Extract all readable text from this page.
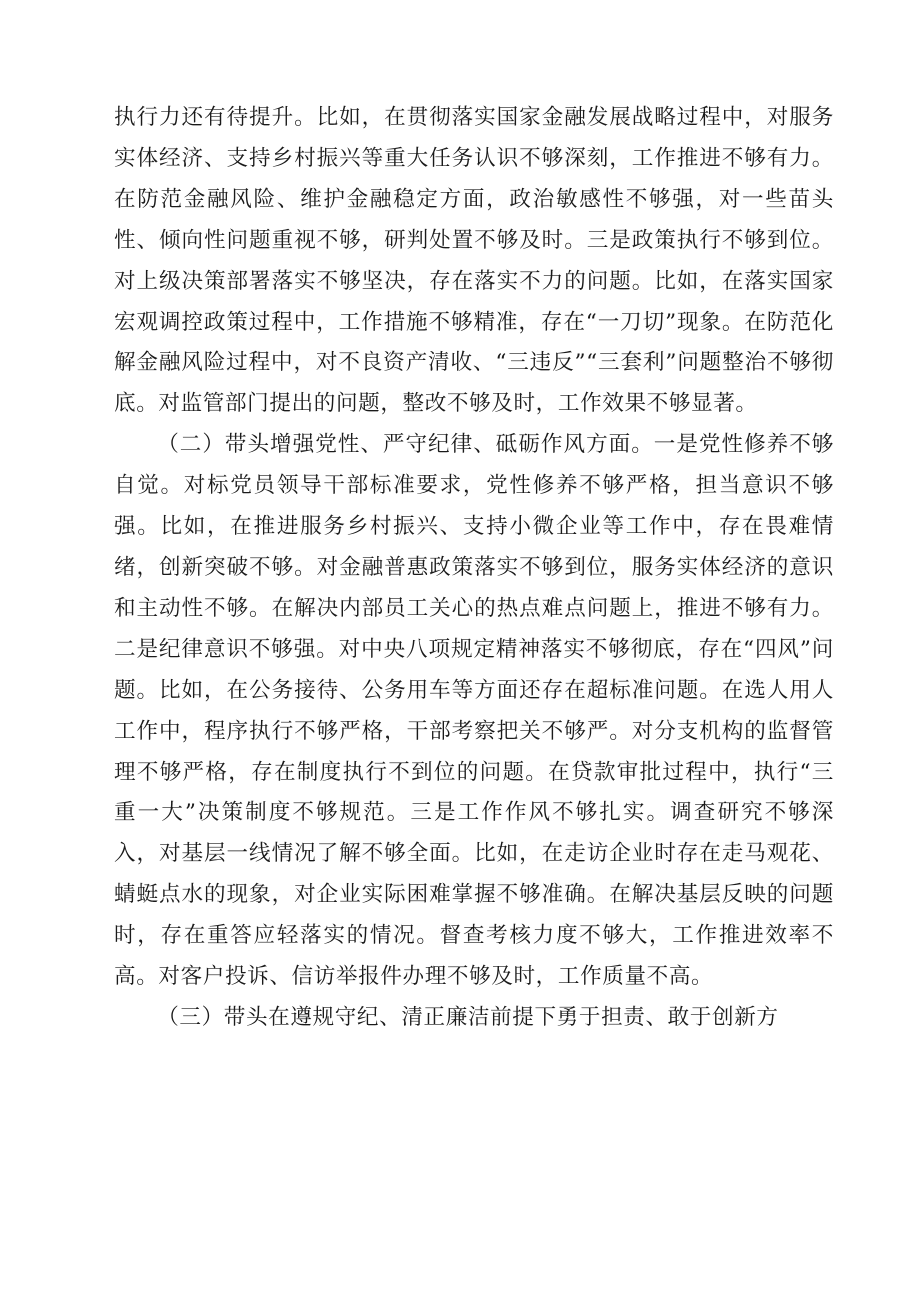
执行力还有待提升。比如，在贯彻落实国家金融发展战略过程中，对服务实体经济、支持乡村振兴等重大任务认识不够深刻，工作推进不够有力。在防范金融风险、维护金融稳定方面，政治敏感性不够强，对一些苗头性、倾向性问题重视不够，研判处置不够及时。三是政策执行不够到位。对上级决策部署落实不够坚决，存在落实不力的问题。比如，在落实国家宏观调控政策过程中，工作措施不够精准，存在“一刀切”现象。在防范化解金融风险过程中，对不良资产清收、“三违反”“三套利”问题整治不够彻底。对监管部门提出的问题，整改不够及时，工作效果不够显著。

（二）带头增强党性、严守纪律、砥砺作风方面。一是党性修养不够自觉。对标党员领导干部标准要求，党性修养不够严格，担当意识不够强。比如，在推进服务乡村振兴、支持小微企业等工作中，存在畏难情绪，创新突破不够。对金融普惠政策落实不够到位，服务实体经济的意识和主动性不够。在解决内部员工关心的热点难点问题上，推进不够有力。二是纪律意识不够强。对中央八项规定精神落实不够彻底，存在“四风”问题。比如，在公务接待、公务用车等方面还存在超标准问题。在选人用人工作中，程序执行不够严格，干部考察把关不够严。对分支机构的监督管理不够严格，存在制度执行不到位的问题。在贷款审批过程中，执行“三重一大”决策制度不够规范。三是工作作风不够扎实。调查研究不够深入，对基层一线情况了解不够全面。比如，在走访企业时存在走马观花、蜻蜓点水的现象，对企业实际困难掌握不够准确。在解决基层反映的问题时，存在重答应轻落实的情况。督查考核力度不够大，工作推进效率不高。对客户投诉、信访举报件办理不够及时，工作质量不高。

（三）带头在遵规守纪、清正廉洁前提下勇于担责、敢于创新方
